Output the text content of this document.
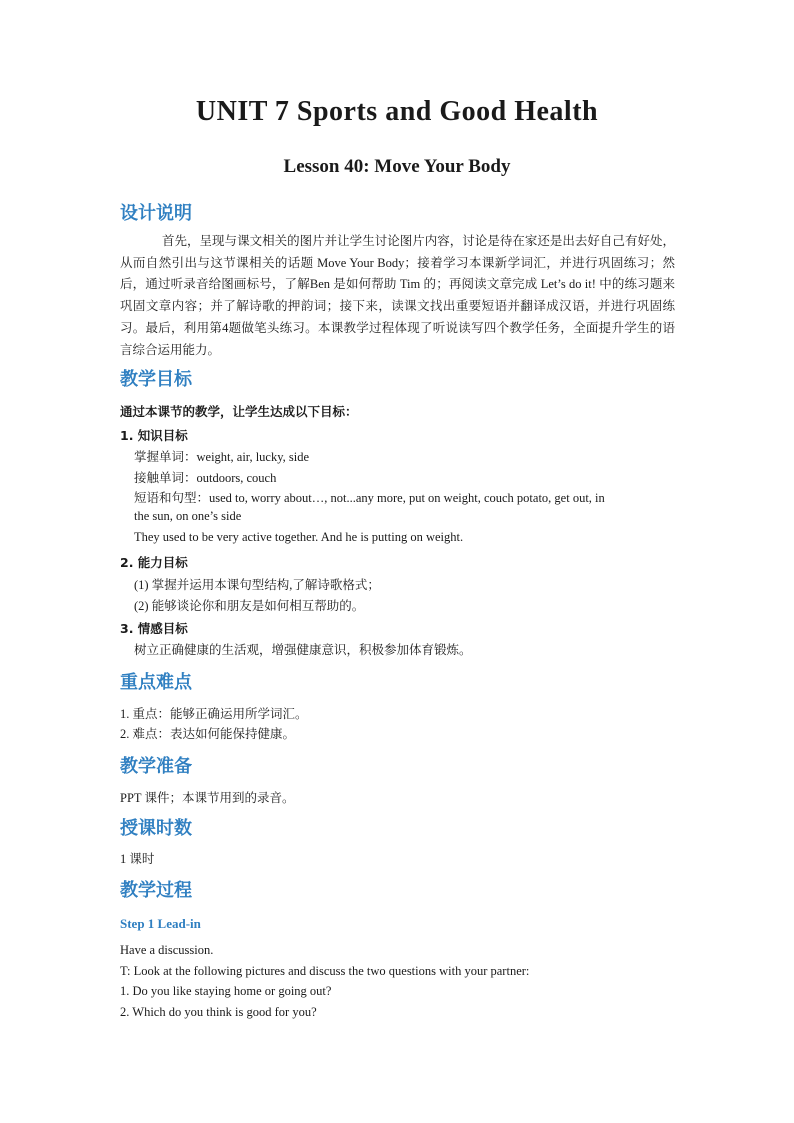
UNIT 7 Sports and Good Health
Lesson 40: Move Your Body
设计说明
首先，呈现与课文相关的图片并让学生讨论图片内容，讨论是待在家还是出去好自己有好处，从而自然引出与这节课相关的话题 Move Your Body；接着学习本课新学词汇，并进行巩固练习；然后，通过听录音给图画标号，了解Ben 是如何帮助 Tim 的；再阅读文章完成 Let’s do it! 中的练习题来巩固文章内容；并了解诗歌的押韵词；接下来，读课文找出重要短语并翻译成汉语，并进行巩固练习。最后，利用第4题做笔头练习。本课教学过程体现了听说读写四个教学任务，全面提升学生的语言综合运用能力。
教学目标
通过本课节的教学，让学生达成以下目标：
1. 知识目标
掌握单词：weight, air, lucky, side
接触单词：outdoors, couch
短语和句型：used to, worry about…, not...any more, put on weight, couch potato, get out, in
the sun, on one’s side
They used to be very active together. And he is putting on weight.
2. 能力目标
(1) 掌握并运用本课句型结构,了解诗歌格式；
(2) 能够谈论你和朋友是如何相互帮助的。
3. 情感目标
树立正确健康的生活观，增强健康意识，积极参加体育锻炼。
重点难点
1. 重点：能够正确运用所学词汇。
2. 难点：表达如何能保持健康。
教学准备
PPT 课件；本课节用到的录音。
授课时数
1 课时
教学过程
Step 1 Lead-in
Have a discussion.
T: Look at the following pictures and discuss the two questions with your partner:
1. Do you like staying home or going out?
2. Which do you think is good for you?
